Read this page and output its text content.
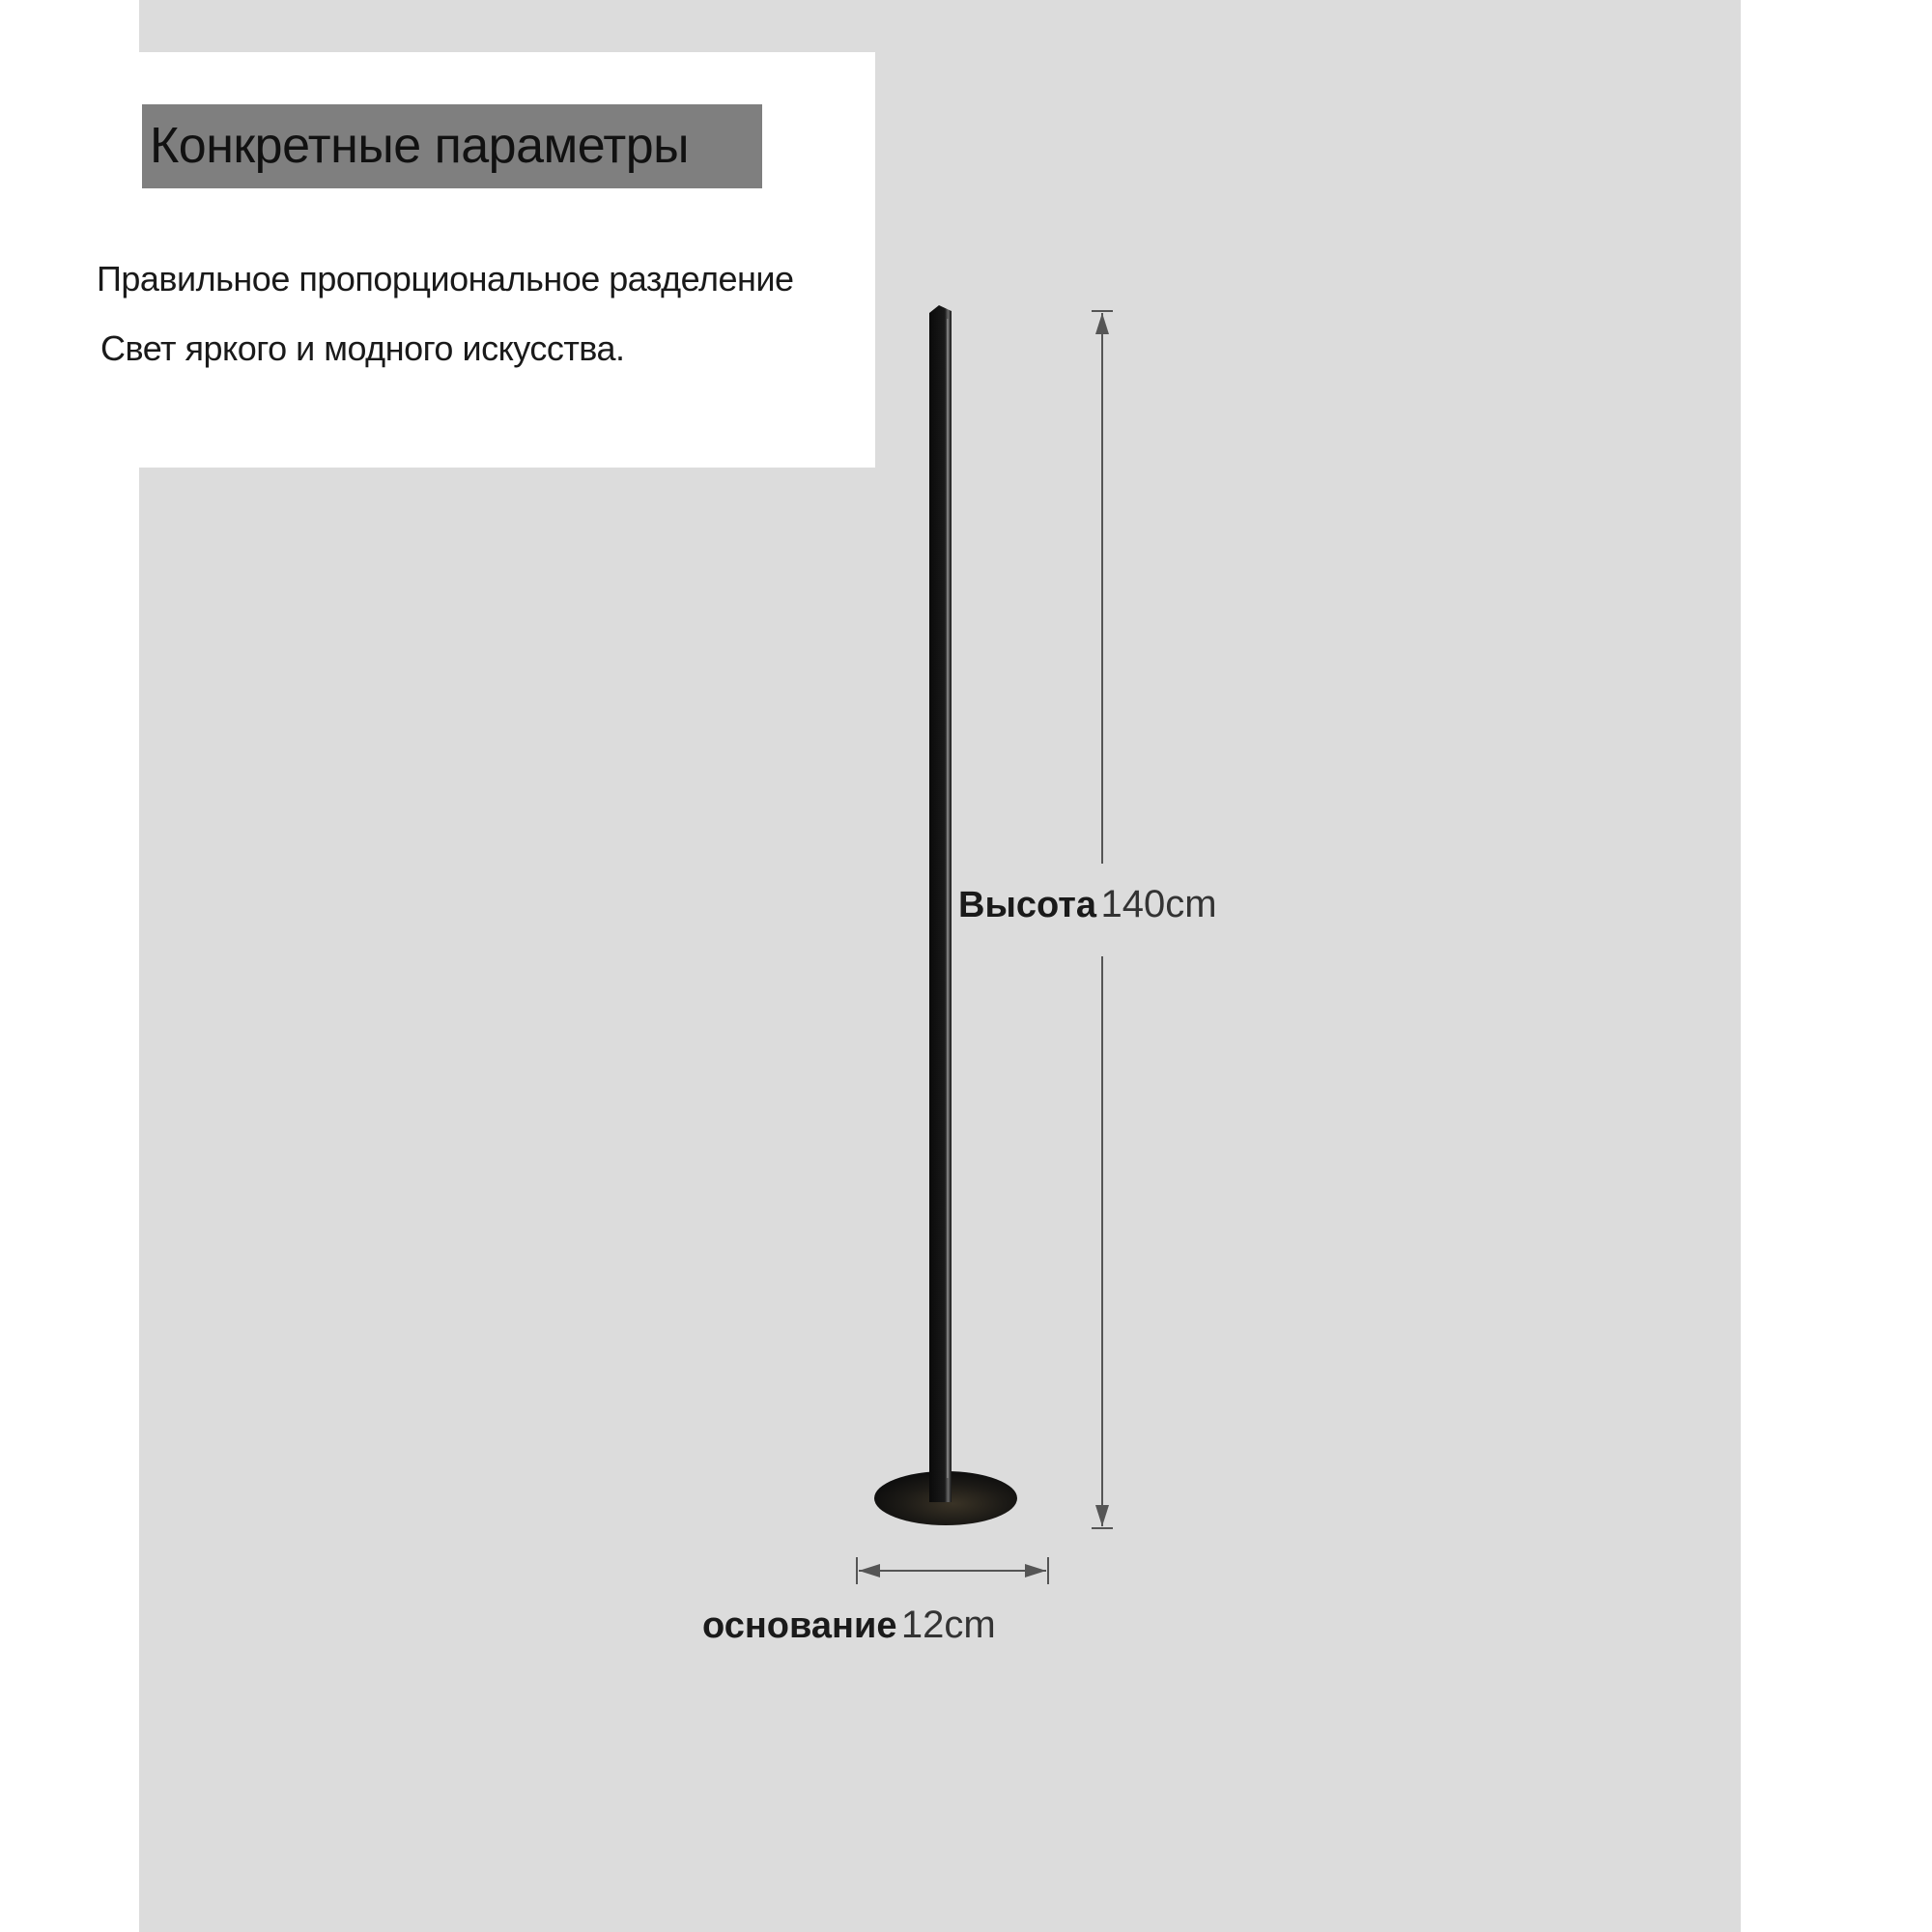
Конкретные параметры
Правильное пропорциональное разделение
Свет яркого и модного искусства.
Высота 140cm
основание 12cm
